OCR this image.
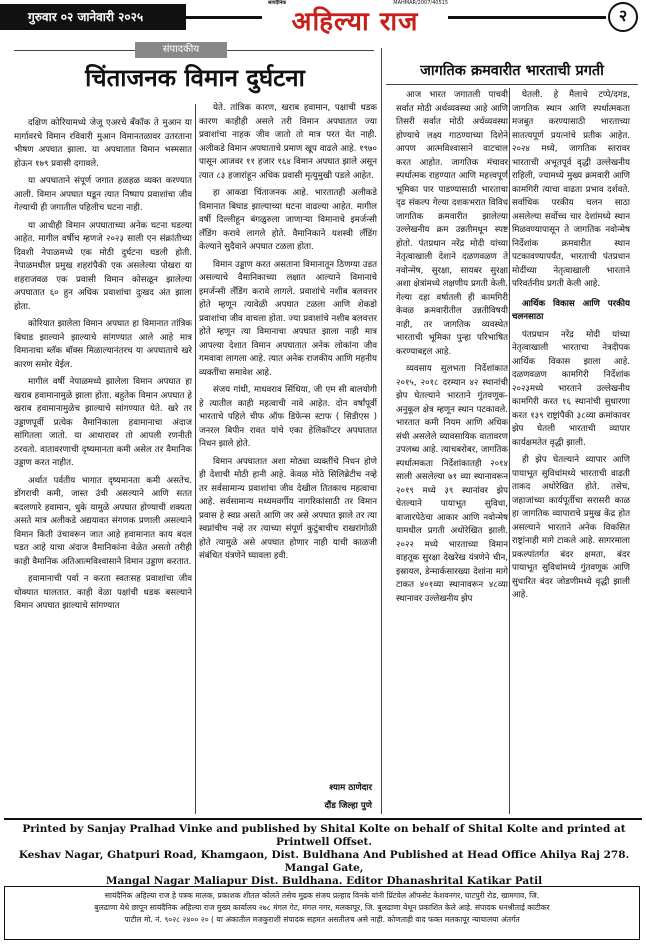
गुरुवार ०२ जानेवारी २०२५
सायंदैनिक
अहिल्या राज
MAHMAR/2007/40515
२
संपादकीय
चिंताजनक विमान दुर्घटना

दक्षिण कोरियामध्ये जेजू एअरचे बँकॉक ते मुआन या मार्गावरचे विमान रविवारी मुआन विमानतळावर उतरताना भीषण अपघात झाला. या अपघातात विमान भस्मसात होऊन १७९ प्रवासी दगावले.

या अपघाताने संपूर्ण जगात हळहळ व्यक्त करण्यात आली. विमान अपघात घडून त्यात निष्पाप प्रवाशांचा जीव गेल्याची ही जगातील पहिलीच घटना नाही.

या आधीही विमान अपघाताच्या अनेक घटना घडल्या आहेत. मागील वर्षीच म्हणजे २०२३ साली एन संक्रांतीच्या दिवशी नेपाळमध्ये एक मोठी दुर्घटना घडली होती. नेपाळमधील प्रमुख शहरांपैकी एक असलेल्या पोखरा या शहराजवळ एक प्रवासी विमान कोसळून झालेल्या अपघातात ६० हुन अधिक प्रवाशांचा दुःखद अंत झाला होता.

कोरियात झालेला विमान अपघात हा विमानात तांत्रिक बिघाड झाल्याने झाल्याचे सांगण्यात आले आहे मात्र विमानाचा ब्लॅक बॉक्स मिळाल्यानंतरच या अपघाताचे खरे कारण समोर येईल.

मागील वर्षी नेपाळमध्ये झालेला विमान अपघात हा खराब हवामानामुळे झाला होता. बहुतेक विमान अपघात हे खराब हवामानामुळेच झाल्याचे सांगण्यात येते. खरे तर उड्डाणपूर्वी प्रत्येक वैमानिकाला हवामानाचा अंदाज सांगितला जातो. या आधारावर तो आपली रणनीती ठरवतो. वातावरणाची दृष्यमानता कमी असेल तर वैमानिक उड्डाण करत नाहीत.

अर्थात पर्वतीय भागात दृष्यमानता कमी असतेच. डोंगराची कमी, जास्त उंची असल्याने आणि सतत बदलणारे हवामान, धुके यामुळे अपघात होण्याची शक्यता असते मात्र अलीकडे अद्ययावत संगणक प्रणाली असल्याने विमान किती उंचावरून जात आहे हवामानात काय बदल घडत आहे याचा अंदाज वैमानिकांना वेळेत असतो तरीही काही वैमानिक अतिआत्मविश्वासाने विमान उड्डाण करतात.

हवामानाची पर्वा न करता स्वतःसह प्रवाशांचा जीव धोक्यात घालतात. काही वेळा पक्षांची धडक बसल्याने विमान अपघात झाल्याचे सांगण्यात

येते. तांत्रिक कारण, खराब हवामान, पक्षाची धडक कारण काहीही असले तरी विमान अपघातात ज्या प्रवाशांचा नाहक जीव जातो तो मात्र परत येत नाही. अलीकडे विमान अपघाताचे प्रमाण खूप वाढले आहे. १९७० पासून आजवर ११ हजार १६४ विमान अपघात झाले असून त्यात ८३ हजारांहून अधिक प्रवासी मृत्युमुखी पडले आहेत.

हा आकडा चिंताजनक आहे. भारतातही अलीकडे विमानात बिघाड झाल्याच्या घटना वाढल्या आहेत. मागील वर्षी दिल्लीहून बंगळुरुला जाणाऱ्या विमानाचे इमर्जन्सी लँडिंग करावे लागले होते. वैमानिकाने यशस्वी लँडिंग केल्याने सुदैवाने अपघात टळला होता.

विमान उड्डाण करत असताना विमानातून ठिणग्या उडत असल्याचे वैमानिकाच्या लक्षात आल्याने विमानाचे इमर्जन्सी लँडिंग करावे लागले. प्रवाशांचे नशीब बलवत्तर होते म्हणून त्यावेळी अपघात टळला आणि शेकडो प्रवाशांचा जीव वाचला होता. ज्या प्रवाशांचे नशीब बलवत्तर होते म्हणून त्या विमानाचा अपघात झाला नाही मात्र आपल्या देशात विमान अपघातात अनेक लोकांना जीव गमवावा लागला आहे. त्यात अनेक राजकीय आणि महनीय व्यक्तींचा समावेश आहे.

संजय गांधी, माधवराव सिंधिया, जी एम सी बालयोगी हे त्यातील काही महत्वाची नावे आहेत. दोन वर्षांपूर्वी भारताचे पहिले चीफ ऑफ डिफेन्स स्टाफ ( सिडीएस ) जनरल बिपीन रावत यांचे एका हेलिकॉप्टर अपघातात निधन झाले होते.

विमान अपघातात अशा मोठ्या व्यक्तींचे निधन होणे ही देशाची मोठी हानी आहे. केवळ मोठे सिलिब्रेटीच नव्हे तर सर्वसामान्य प्रवाशांचा जीव देखील तितकाच महत्वाचा आहे. सर्वसामान्य मध्यमवर्गीय नागरिकांसाठी तर विमान प्रवास हे स्वप्न असते आणि जर असे अपघात झाले तर त्या स्वप्नांचीच नव्हे तर त्याच्या संपूर्ण कुटुंबाचीच राखरांगोळी होते त्यामुळे असे अपघात होणार नाही याची काळजी संबंधित यंत्रणेने घ्यावला हवी.

श्याम ठाणेदार
दौंड जिल्हा पुणे
जागतिक क्रमवारीत भारताची प्रगती

आज भारत जगातली पाचवी सर्वात मोठी अर्थव्यवस्था आहे आणि तिसरी सर्वात मोठी अर्थव्यवस्था होण्याचे लक्ष्य गाठण्याच्या दिशेने आपण आत्मविश्वासाने वाटचाल करत आहोत. जागतिक मंचावर स्पर्धात्मक राहण्यात आणि महत्त्वपूर्ण भूमिका पार पाडण्यासाठी भारताचा दृढ संकल्प गेल्या दशकभरात विविध जागतिक क्रमवारीत झालेल्या उल्लेखनीय क्रम उन्नतीमधून स्पष्ट होतो. पंतप्रधान नरेंद्र मोदी यांच्या नेतृत्वाखाली देशाने दळणवळण ते नवोन्मेष, सुरक्षा, सायबर सुरक्षा अशा क्षेत्रांमध्ये लक्षणीय प्रगती केली. गेल्या दहा वर्षातली ही कामगिरी केवळ क्रमवारीतील उन्नतीविषयी नाही, तर जागतिक व्यवस्थेत भारताची भूमिका पुन्हा परिभाषित करण्याबद्दल आहे.

व्यवसाय सुलभता निर्देशांकात २०१५, २०१८ दरम्यान ४२ स्थानांची झेप घेतल्याने भारताने गुंतवणूक-अनुकूल क्षेत्र म्हणून स्थान पटकावले. भारतात कमी नियम आणि अधिक संधी असलेले व्यावसायिक वातावरण उपलब्ध आहे. त्याचबरोबर, जागतिक स्पर्धात्मकता निर्देशांकातही २०१४ साली असलेल्या ७१ व्या स्थानावरून २०१९ मध्ये ३९ स्थानांवर झेप घेतल्याने पायाभूत सुविधा, बाजारपेठेचा आकार आणि नवोन्मेष यामधील प्रगती अधोरेखित झाली. २०२२ मध्ये भारताच्या विमान वाहतूक सुरक्षा देखरेख यंत्रणेने चीन, इस्रायल, डेन्मार्कसारख्या देशांना मागे टाकत ४०१व्या स्थानावरून ४८व्या स्थानावर उल्लेखनीय झेप

घेतली. हे मैलाचे टप्पे/दगड, जागतिक स्थान आणि स्पर्धात्मकता मजबूत करण्यासाठी भारताच्या सातत्यपूर्ण प्रयत्नांचे प्रतीक आहेत. २०२४ मध्ये, जागतिक स्तरावर भारताची अभूतपूर्व वृद्धी उल्लेखनीय राहिली, ज्यामध्ये मुख्य क्रमवारी आणि कामगिरी त्याचा वाढता प्रभाव दर्शवते. सर्वाधिक परकीय चलन साठा असलेल्या सर्वोच्च चार देशांमध्ये स्थान मिळवण्यापासून ते जागतिक नवोन्मेष निर्देशांक क्रमवारीत स्थान पटकावण्यापर्यंत, भारताची पंतप्रधान मोदींच्या नेतृत्वाखाली भारताने परिवर्तनीय प्रगती केली आहे.

आर्थिक विकास आणि परकीय चलनसाठा

पंतप्रधान नरेंद्र मोदी यांच्या नेतृत्वाखाली भारताचा नेत्रदीपक आर्थिक विकास झाला आहे. दळणवळण कामगिरी निर्देशांक २०२३मध्ये भारताने उल्लेखनीय कामगिरी करत १६ स्थानांची सुधारणा करत १३९ राष्ट्रांपैकी ३८व्या क्रमांकावर झेप घेतली भारताची व्यापार कार्यक्षमतेत वृद्धी झाली.

ही झेप घेतल्याने व्यापार आणि पायाभूत सुविधांमध्ये भारताची वाढती ताकद अधोरेखित होते. तसेच, जहाजांच्या कार्यपूर्तीचा सरासरी काळ हा जागतिक व्यापाराचे प्रमुख केंद्र होत असल्याने भारताने अनेक विकसित राष्ट्रांनाही मागे टाकले आहे. सागरमाला प्रकल्पांतर्गत बंदर क्षमता, बंदर पायाभूत सुविधांमध्ये गुंतवणूक आणि सुधारित बंदर जोडणीमध्ये वृद्धी झाली आहे.

Printed by Sanjay Pralhad Vinke and published by Shital Kolte on behalf of Shital Kolte and printed at Printwell Offset.
Keshav Nagar, Ghatpuri Road, Khamgaon, Dist. Buldhana And Published at Head Office Ahilya Raj 278. Mangal Gate,
Mangal Nagar Maliapur Dist. Buldhana. Editor Dhanashrital Katikar Patil
सायंदैनिक अहिल्या राज हे पत्रक मालक, प्रकाशक शीतल कोलते तसेच मुद्रक संजय प्रल्हाद विनके यांनी प्रिंटवेल ऑफसेट केशवनगर, घाटपुरी रोड, खामगाव, जि.
बुलढाणा येथे छापून सायंदैनिक अहिल्या राज मुख्य कार्यालय २७८ मंगल गेट, मंगल नगर, मलकापूर, जि. बुलढाणा येथून प्रकाशित केले आहे. संपादक धनश्रीताई काटीकर
पाटील मो. नं. ९०२८ २४०० २० ( या अंकातील मजकुराशी संपादक सहमत असतीलच असे नाही. कोणताही वाद फक्त मलकापूर न्यायालया अंतर्गत
